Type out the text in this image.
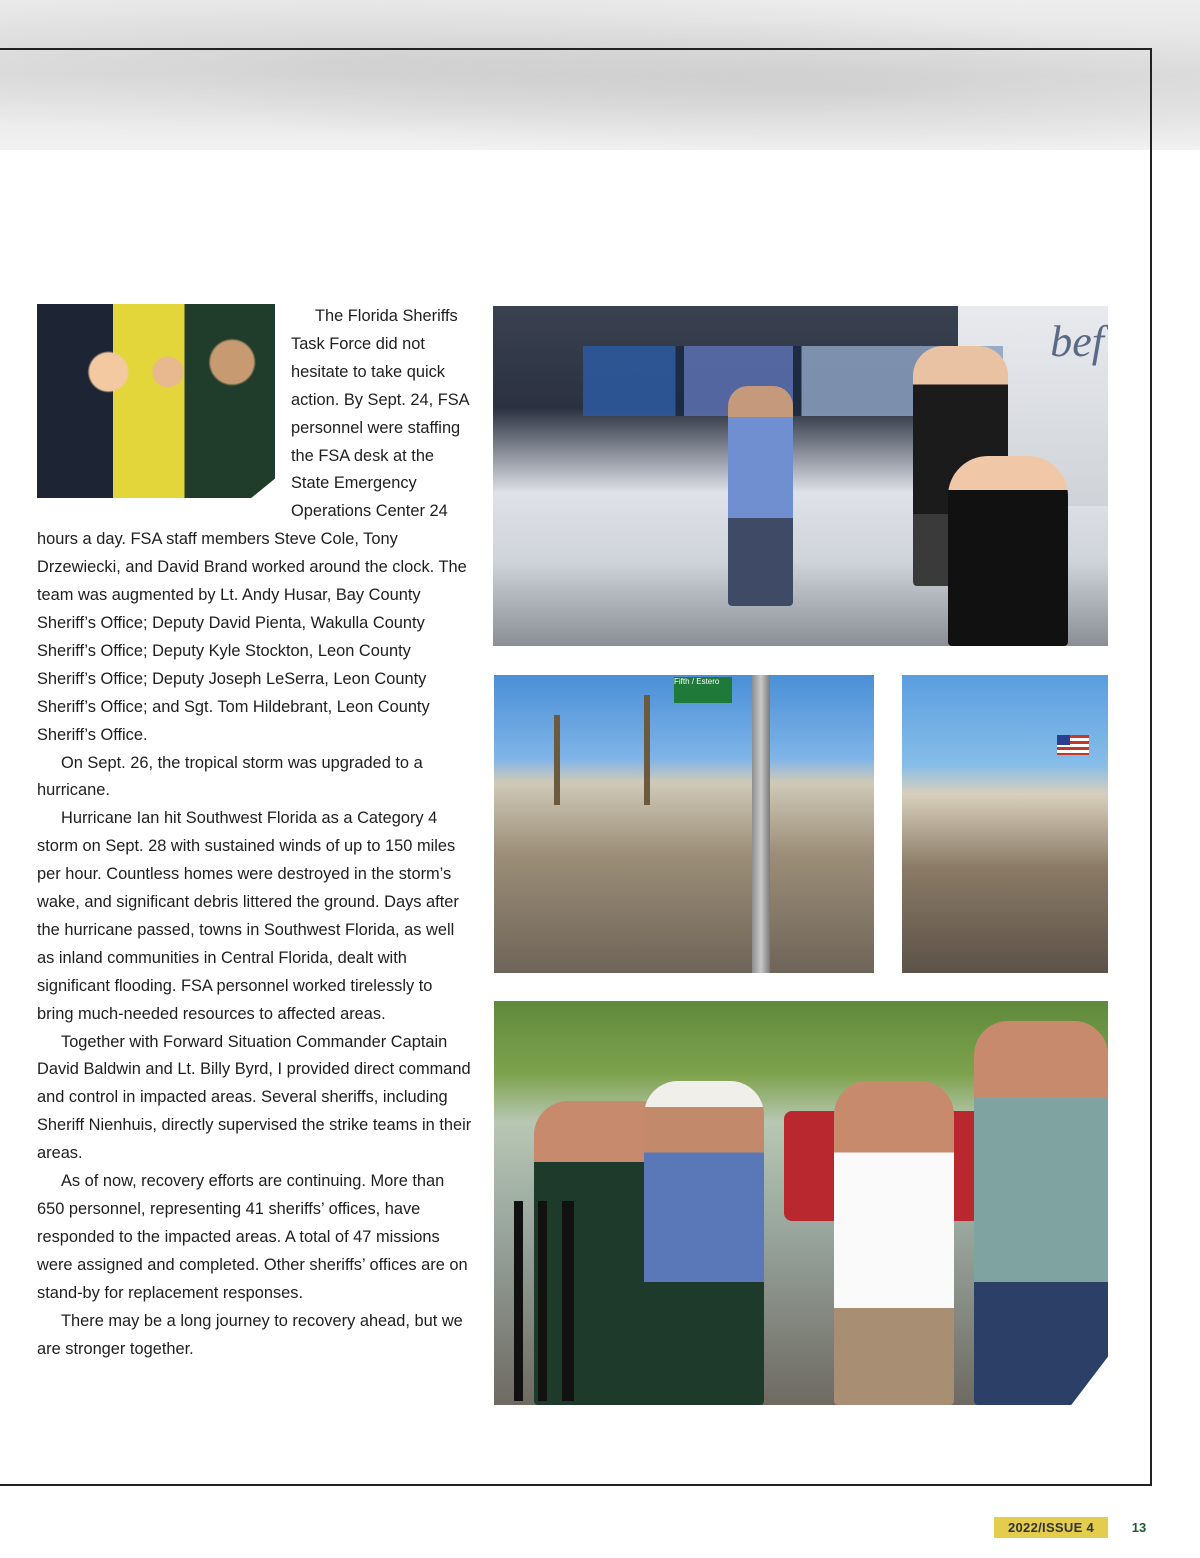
The Florida Sheriffs Task Force did not hesitate to take quick action. By Sept. 24, FSA personnel were staffing the FSA desk at the State Emergency Operations Center 24 hours a day. FSA staff members Steve Cole, Tony Drzewiecki, and David Brand worked around the clock. The team was augmented by Lt. Andy Husar, Bay County Sheriff’s Office; Deputy David Pienta, Wakulla County Sheriff’s Office; Deputy Kyle Stockton, Leon County Sheriff’s Office; Deputy Joseph LeSerra, Leon County Sheriff’s Office; and Sgt. Tom Hildebrant, Leon County Sheriff’s Office.

On Sept. 26, the tropical storm was upgraded to a hurricane.

Hurricane Ian hit Southwest Florida as a Category 4 storm on Sept. 28 with sustained winds of up to 150 miles per hour. Countless homes were destroyed in the storm’s wake, and significant debris littered the ground. Days after the hurricane passed, towns in Southwest Florida, as well as inland communities in Central Florida, dealt with significant flooding. FSA personnel worked tirelessly to bring much-needed resources to affected areas.

Together with Forward Situation Commander Captain David Baldwin and Lt. Billy Byrd, I provided direct command and control in impacted areas. Several sheriffs, including Sheriff Nienhuis, directly supervised the strike teams in their areas.

As of now, recovery efforts are continuing. More than 650 personnel, representing 41 sheriffs’ offices, have responded to the impacted areas. A total of 47 missions were assigned and completed. Other sheriffs’ offices are on stand-by for replacement responses.

There may be a long journey to recovery ahead, but we are stronger together.

bef
Fifth / Estero
2022/ISSUE 4	13
